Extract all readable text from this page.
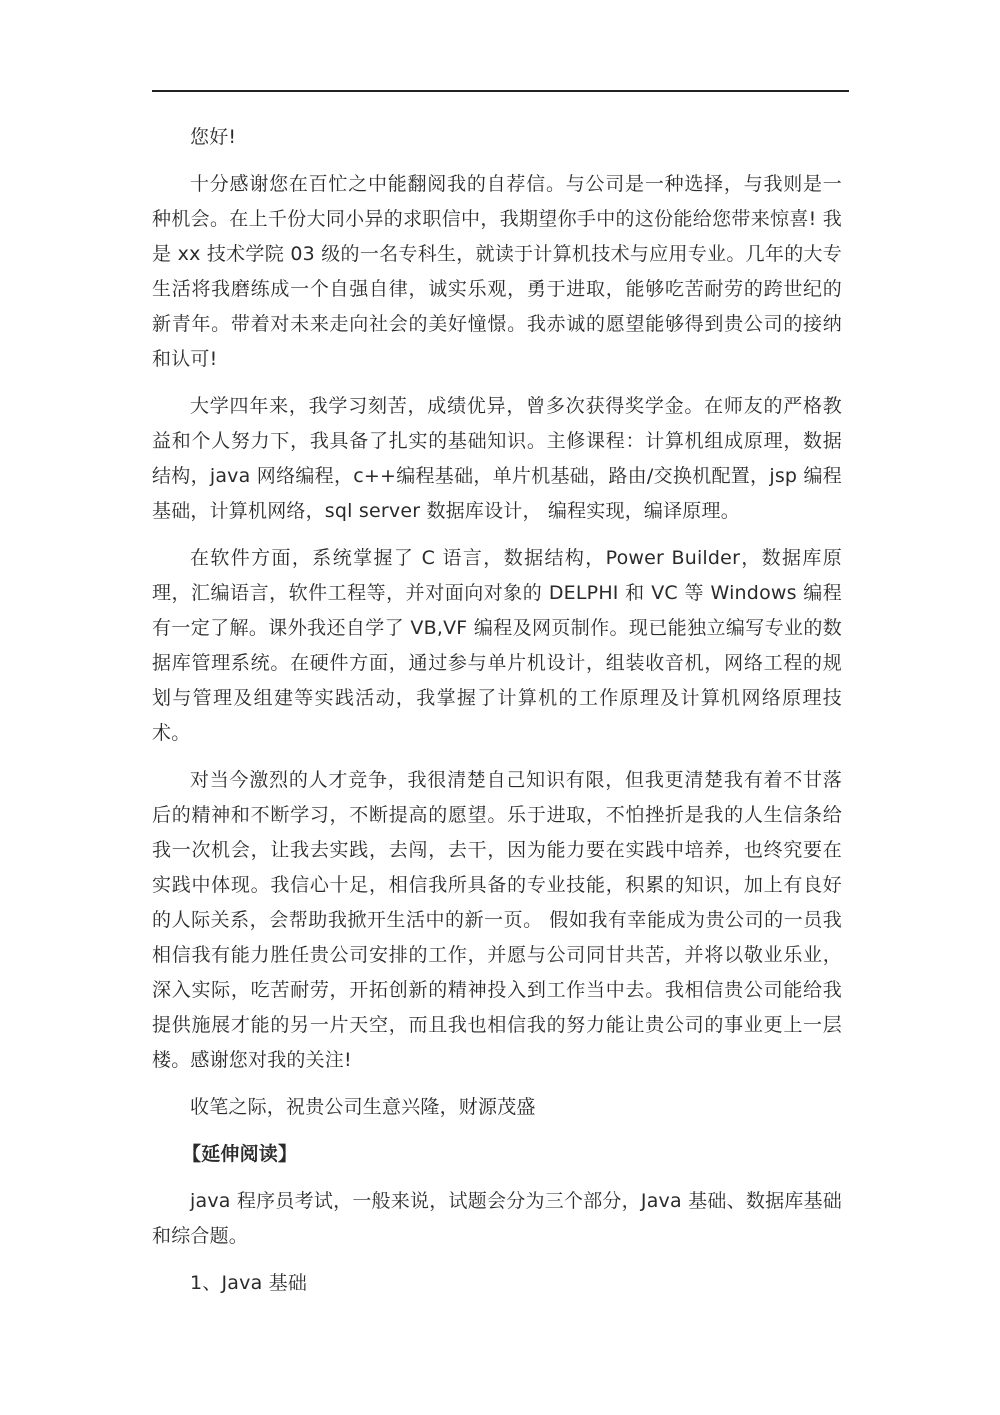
您好!

十分感谢您在百忙之中能翻阅我的自荐信。与公司是一种选择，与我则是一种机会。在上千份大同小异的求职信中，我期望你手中的这份能给您带来惊喜! 我是 xx 技术学院 03 级的一名专科生，就读于计算机技术与应用专业。几年的大专生活将我磨练成一个自强自律，诚实乐观，勇于进取，能够吃苦耐劳的跨世纪的新青年。带着对未来走向社会的美好憧憬。我赤诚的愿望能够得到贵公司的接纳和认可!

大学四年来，我学习刻苦，成绩优异，曾多次获得奖学金。在师友的严格教益和个人努力下，我具备了扎实的基础知识。主修课程：计算机组成原理，数据结构，java 网络编程，c++编程基础，单片机基础，路由/交换机配置，jsp 编程基础，计算机网络，sql server 数据库设计， 编程实现，编译原理。

在软件方面，系统掌握了 C 语言，数据结构，Power Builder，数据库原理，汇编语言，软件工程等，并对面向对象的 DELPHI 和 VC 等 Windows 编程有一定了解。课外我还自学了 VB,VF 编程及网页制作。现已能独立编写专业的数据库管理系统。在硬件方面，通过参与单片机设计，组装收音机，网络工程的规划与管理及组建等实践活动，我掌握了计算机的工作原理及计算机网络原理技术。

对当今激烈的人才竞争，我很清楚自己知识有限，但我更清楚我有着不甘落后的精神和不断学习，不断提高的愿望。乐于进取，不怕挫折是我的人生信条给我一次机会，让我去实践，去闯，去干，因为能力要在实践中培养，也终究要在实践中体现。我信心十足，相信我所具备的专业技能，积累的知识，加上有良好的人际关系，会帮助我掀开生活中的新一页。 假如我有幸能成为贵公司的一员我相信我有能力胜任贵公司安排的工作，并愿与公司同甘共苦，并将以敬业乐业，深入实际，吃苦耐劳，开拓创新的精神投入到工作当中去。我相信贵公司能给我提供施展才能的另一片天空，而且我也相信我的努力能让贵公司的事业更上一层楼。感谢您对我的关注!

收笔之际，祝贵公司生意兴隆，财源茂盛

【延伸阅读】

java 程序员考试，一般来说，试题会分为三个部分，Java 基础、数据库基础和综合题。

1、Java 基础
